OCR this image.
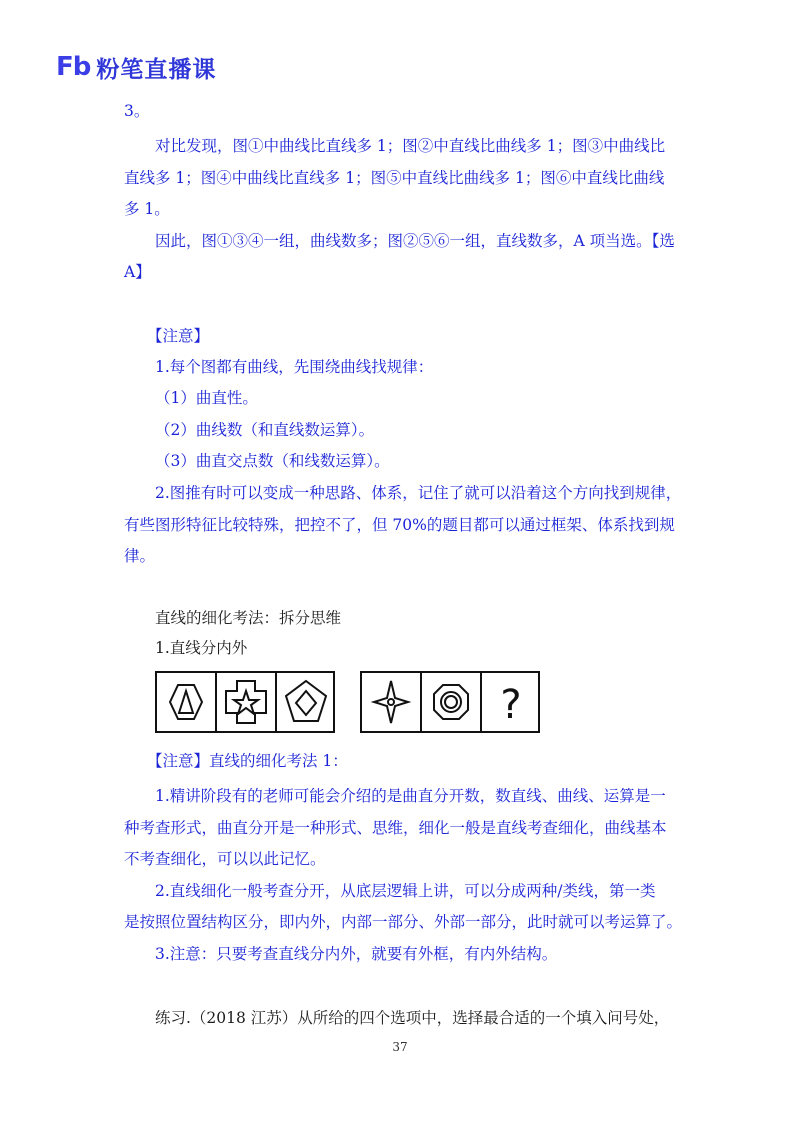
Fb 粉笔直播课
3。
对比发现，图①中曲线比直线多 1；图②中直线比曲线多 1；图③中曲线比
直线多 1；图④中曲线比直线多 1；图⑤中直线比曲线多 1；图⑥中直线比曲线
多 1。
因此，图①③④一组，曲线数多；图②⑤⑥一组，直线数多，A 项当选。【选
A】
【注意】
1.每个图都有曲线，先围绕曲线找规律：
（1）曲直性。
（2）曲线数（和直线数运算）。
（3）曲直交点数（和线数运算）。
2.图推有时可以变成一种思路、体系，记住了就可以沿着这个方向找到规律，
有些图形特征比较特殊，把控不了，但 70%的题目都可以通过框架、体系找到规
律。
直线的细化考法：拆分思维
1.直线分内外
?
【注意】直线的细化考法 1：
1.精讲阶段有的老师可能会介绍的是曲直分开数，数直线、曲线、运算是一
种考查形式，曲直分开是一种形式、思维，细化一般是直线考查细化，曲线基本
不考查细化，可以以此记忆。
2.直线细化一般考查分开，从底层逻辑上讲，可以分成两种/类线，第一类
是按照位置结构区分，即内外，内部一部分、外部一部分，此时就可以考运算了。
3.注意：只要考查直线分内外，就要有外框，有内外结构。
练习.（2018 江苏）从所给的四个选项中，选择最合适的一个填入问号处，
37
